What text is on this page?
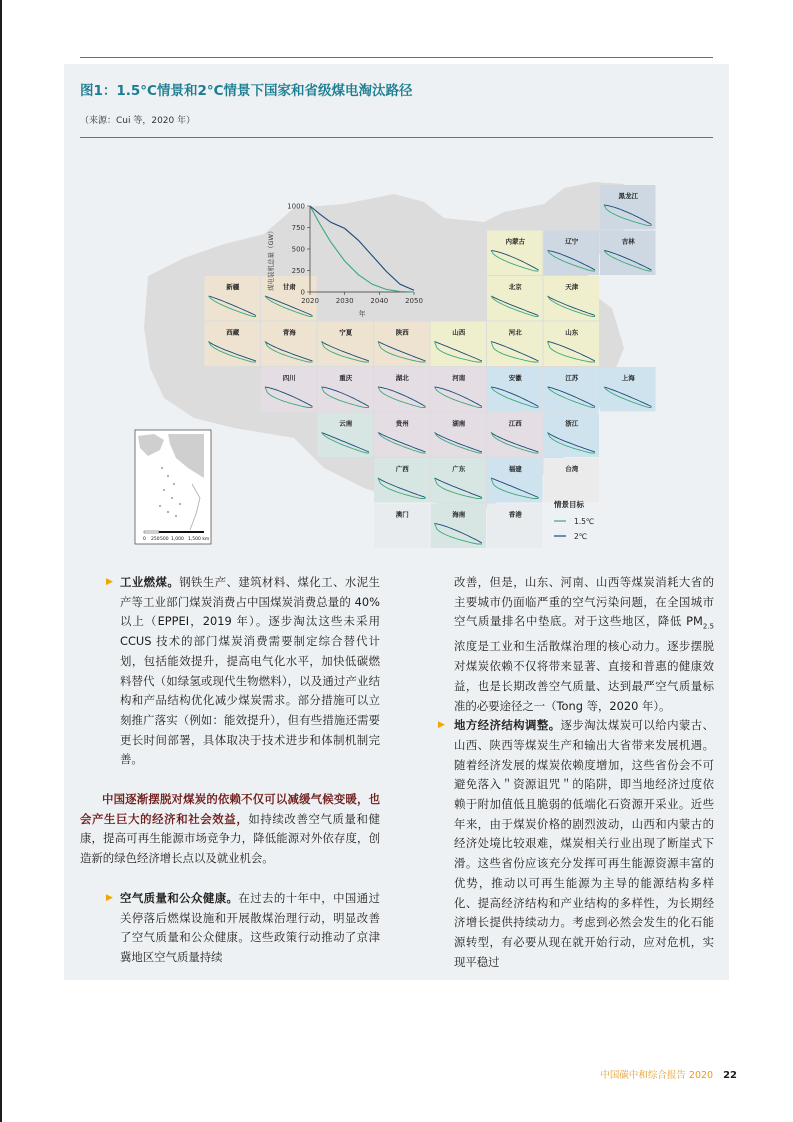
图1：1.5°C情景和2°C情景下国家和省级煤电淘汰路径
（来源：Cui 等，2020 年）
黑龙江
内蒙古	辽宁	吉林
新疆	甘肃	北京	天津
西藏	青海	宁夏	陕西	山西	河北	山东
四川	重庆	湖北	河南	安徽	江苏	上海
云南	贵州	湖南	江西	浙江
广西	广东	福建	台湾
澳门	海南	香港
0 250 500 1,000 1,500 km
煤电装机总量（GW）
年
0
250
500
750
1000
2020 2030 2040 2050
情景目标
1.5℃
2℃
▶ 工业燃煤。钢铁生产、建筑材料、煤化工、水泥生产等工业部门煤炭消费占中国煤炭消费总量的 40% 以上（EPPEI，2019 年）。逐步淘汰这些未采用 CCUS 技术的部门煤炭消费需要制定综合替代计划，包括能效提升，提高电气化水平，加快低碳燃料替代（如绿氢或现代生物燃料），以及通过产业结构和产品结构优化减少煤炭需求。部分措施可以立刻推广落实（例如：能效提升），但有些措施还需要更长时间部署，具体取决于技术进步和体制机制完善。

中国逐渐摆脱对煤炭的依赖不仅可以减缓气候变暖，也会产生巨大的经济和社会效益，如持续改善空气质量和健康，提高可再生能源市场竞争力，降低能源对外依存度，创造新的绿色经济增长点以及就业机会。

▶ 空气质量和公众健康。在过去的十年中，中国通过关停落后燃煤设施和开展散煤治理行动，明显改善了空气质量和公众健康。这些政策行动推动了京津冀地区空气质量持续

改善，但是，山东、河南、山西等煤炭消耗大省的主要城市仍面临严重的空气污染问题，在全国城市空气质量排名中垫底。对于这些地区，降低 $PM_{2.5}$ 浓度是工业和生活散煤治理的核心动力。逐步摆脱对煤炭依赖不仅将带来显著、直接和普惠的健康效益，也是长期改善空气质量、达到最严空气质量标准的必要途径之一（Tong 等，2020 年）。

▶ 地方经济结构调整。逐步淘汰煤炭可以给内蒙古、山西、陕西等煤炭生产和输出大省带来发展机遇。随着经济发展的煤炭依赖度增加，这些省份会不可避免落入＂资源诅咒＂的陷阱，即当地经济过度依赖于附加值低且脆弱的低端化石资源开采业。近些年来，由于煤炭价格的剧烈波动，山西和内蒙古的经济处境比较艰难，煤炭相关行业出现了断崖式下滑。这些省份应该充分发挥可再生能源资源丰富的优势，推动以可再生能源为主导的能源结构多样化、提高经济结构和产业结构的多样性，为长期经济增长提供持续动力。考虑到必然会发生的化石能源转型，有必要从现在就开始行动，应对危机，实现平稳过

中国碳中和综合报告 2020 22
